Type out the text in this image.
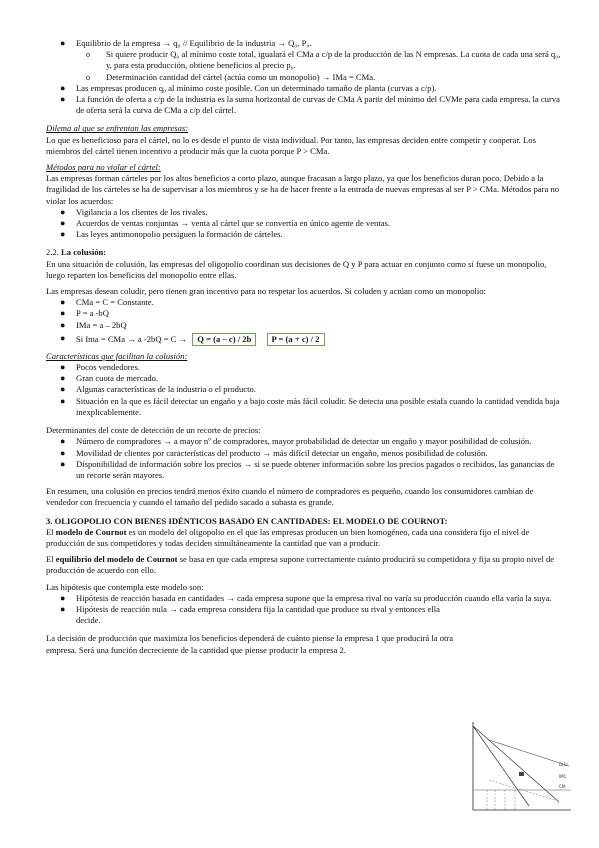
●	Equilibrio de la empresa → q₀ // Equilibrio de la industria → Q₀, P₀.
o	Si quiere producir Q₀ al mínimo coste total, igualará el CMa a c/p de la producción de las N empresas. La cuota de cada una será q₀, y, para esta producción, obtiene beneficios al precio p₀.
o	Determinación cantidad del cártel (actúa como un monopolio) → IMa = CMa.
●	Las empresas producen q₀ al mínimo coste posible. Con un determinado tamaño de planta (curvas a c/p).
●	La función de oferta a c/p de la industria es la suma horizontal de curvas de CMa A partir del mínimo del CVMe para cada empresa, la curva de oferta será la curva de CMa a c/p del cártel.

Dilema al que se enfrentan las empresas:

Lo que es beneficioso para el cártel, no lo es desde el punto de vista individual. Por tanto, las empresas deciden entre competir y cooperar. Los miembros del cártel tienen incentivo a producir más que la cuota porque P > CMa.

Métodos para no violar el cártel:

Las empresas forman cárteles por los altos beneficios a corto plazo, aunque fracasan a largo plazo, ya que los beneficios duran poco. Debido a la fragilidad de los cárteles se ha de supervisar a los miembros y se ha de hacer frente a la entrada de nuevas empresas al ser P > CMa. Métodos para no violar los acuerdos:

●	Vigilancia a los clientes de los rivales.
●	Acuerdos de ventas conjuntas → venta al cártel que se convertía en único agente de ventas.
●	Las leyes antimonopolio persiguen la formación de cárteles.

2.2. La colusión:

En una situación de colusión, las empresas del oligopolio coordinan sus decisiones de Q y P para actuar en conjunto como si fuese un monopolio, luego reparten los beneficios del monopolio entre ellas.

Las empresas desean coludir, pero tienen gran incentivo para no respetar los acuerdos. Si coluden y actúan como un monopolio:

●	CMa = C = Constante.
●	P = a -bQ
●	IMa = a – 2bQ
●	Si Ima = CMa → a -2bQ = C → Q = (a – c) / 2b P = (a + c) / 2

Características que facilitan la colusión:

●	Pocos vendedores.
●	Gran cuota de mercado.
●	Algunas características de la industria o el producto.
●	Situación en la que es fácil detectar un engaño y a bajo coste más fácil coludir. Se detecta una posible estafa cuando la cantidad vendida baja inexplicablemente.

Determinantes del coste de detección de un recorte de precios:

●	Número de compradores → a mayor nº de compradores, mayor probabilidad de detectar un engaño y mayor posibilidad de colusión.
●	Movilidad de clientes por características del producto → más difícil detectar un engaño, menos posibilidad de colusión.
●	Disponibilidad de información sobre los precios → si se puede obtener información sobre los precios pagados o recibidos, las ganancias de un recorte serán mayores.

En resumen, una colusión en precios tendrá menos éxito cuando el número de compradores es pequeño, cuando los consumidores cambian de vendedor con frecuencia y cuando el tamaño del pedido sacado a subasta es grande.

3. OLIGOPOLIO CON BIENES IDÉNTICOS BASADO EN CANTIDADES: EL MODELO DE COURNOT:

El modelo de Cournot es un modelo del oligopolio en el que las empresas producen un bien homogéneo, cada una considera fijo el nivel de producción de sus competidores y todas deciden simultáneamente la cantidad que van a producir.

El equilibrio del modelo de Cournot se basa en que cada empresa supone correctamente cuánto producirá su competidora y fija su propio nivel de producción de acuerdo con ello.

Las hipótesis que contempla este modelo son:

●	Hipótesis de reacción basada en cantidades → cada empresa supone que la empresa rival no varía su producción cuando ella varía la suya.
●	Hipótesis de reacción nula → cada empresa considera fija la cantidad que produce su rival y entonces ella decide.

La decisión de producción que maximiza los beneficios dependerá de cuánto piense la empresa 1 que producirá la otra empresa. Será una función decreciente de la cantidad que piense producir la empresa 2.

D(1)
IM1
CM
